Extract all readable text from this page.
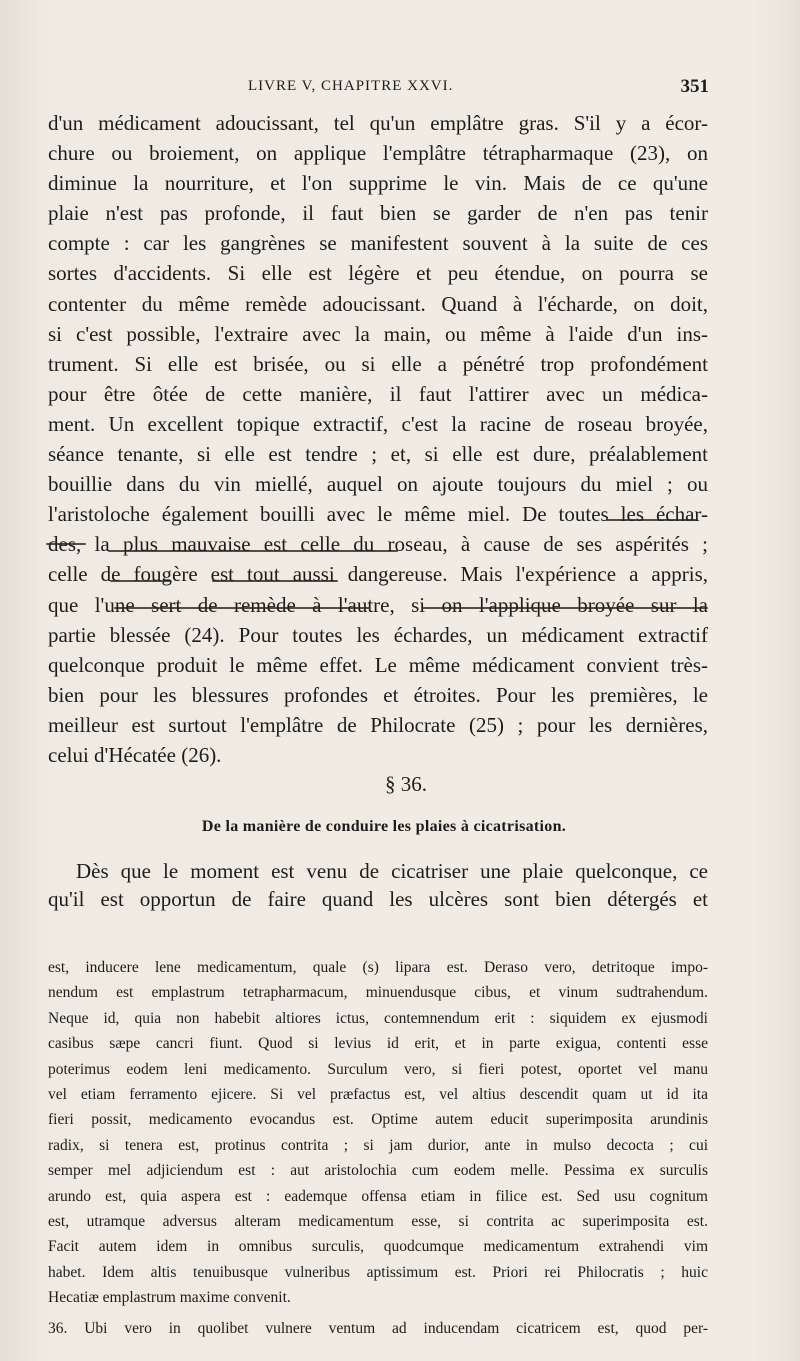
LIVRE V, CHAPITRE XXVI.	351
d'un médicament adoucissant, tel qu'un emplâtre gras. S'il y a écor-
chure ou broiement, on applique l'emplâtre tétrapharmaque (23), on
diminue la nourriture, et l'on supprime le vin. Mais de ce qu'une
plaie n'est pas profonde, il faut bien se garder de n'en pas tenir
compte : car les gangrènes se manifestent souvent à la suite de ces
sortes d'accidents. Si elle est légère et peu étendue, on pourra se
contenter du même remède adoucissant. Quand à l'écharde, on doit,
si c'est possible, l'extraire avec la main, ou même à l'aide d'un ins-
trument. Si elle est brisée, ou si elle a pénétré trop profondément
pour être ôtée de cette manière, il faut l'attirer avec un médica-
ment. Un excellent topique extractif, c'est la racine de roseau broyée,
séance tenante, si elle est tendre ; et, si elle est dure, préalablement
bouillie dans du vin miellé, auquel on ajoute toujours du miel ; ou
l'aristoloche également bouilli avec le même miel. De toutes les échar-
des, la plus mauvaise est celle du roseau, à cause de ses aspérités ;
celle de fougère est tout aussi dangereuse. Mais l'expérience a appris,
que l'une sert de remède à l'autre, si on l'applique broyée sur la
partie blessée (24). Pour toutes les échardes, un médicament extractif
quelconque produit le même effet. Le même médicament convient très-
bien pour les blessures profondes et étroites. Pour les premières, le
meilleur est surtout l'emplâtre de Philocrate (25) ; pour les dernières,
celui d'Hécatée (26).
§ 36.
De la manière de conduire les plaies à cicatrisation.
Dès que le moment est venu de cicatriser une plaie quelconque, ce
qu'il est opportun de faire quand les ulcères sont bien détergés et
est, inducere lene medicamentum, quale (s) lipara est. Deraso vero, detritoque impo-
nendum est emplastrum tetrapharmacum, minuendusque cibus, et vinum sudtrahendum.
Neque id, quia non habebit altiores ictus, contemnendum erit : siquidem ex ejusmodi
casibus sæpe cancri fiunt. Quod si levius id erit, et in parte exigua, contenti esse
poterimus eodem leni medicamento. Surculum vero, si fieri potest, oportet vel manu
vel etiam ferramento ejicere. Si vel præfactus est, vel altius descendit quam ut id ita
fieri possit, medicamento evocandus est. Optime autem educit superimposita arundinis
radix, si tenera est, protinus contrita ; si jam durior, ante in mulso decocta ; cui
semper mel adjiciendum est : aut aristolochia cum eodem melle. Pessima ex surculis
arundo est, quia aspera est : eademque offensa etiam in filice est. Sed usu cognitum
est, utramque adversus alteram medicamentum esse, si contrita ac superimposita est.
Facit autem idem in omnibus surculis, quodcumque medicamentum extrahendi vim
habet. Idem altis tenuibusque vulneribus aptissimum est. Priori rei Philocratis ; huic
Hecatiæ emplastrum maxime convenit.
36. Ubi vero in quolibet vulnere ventum ad inducendam cicatricem est, quod per-
